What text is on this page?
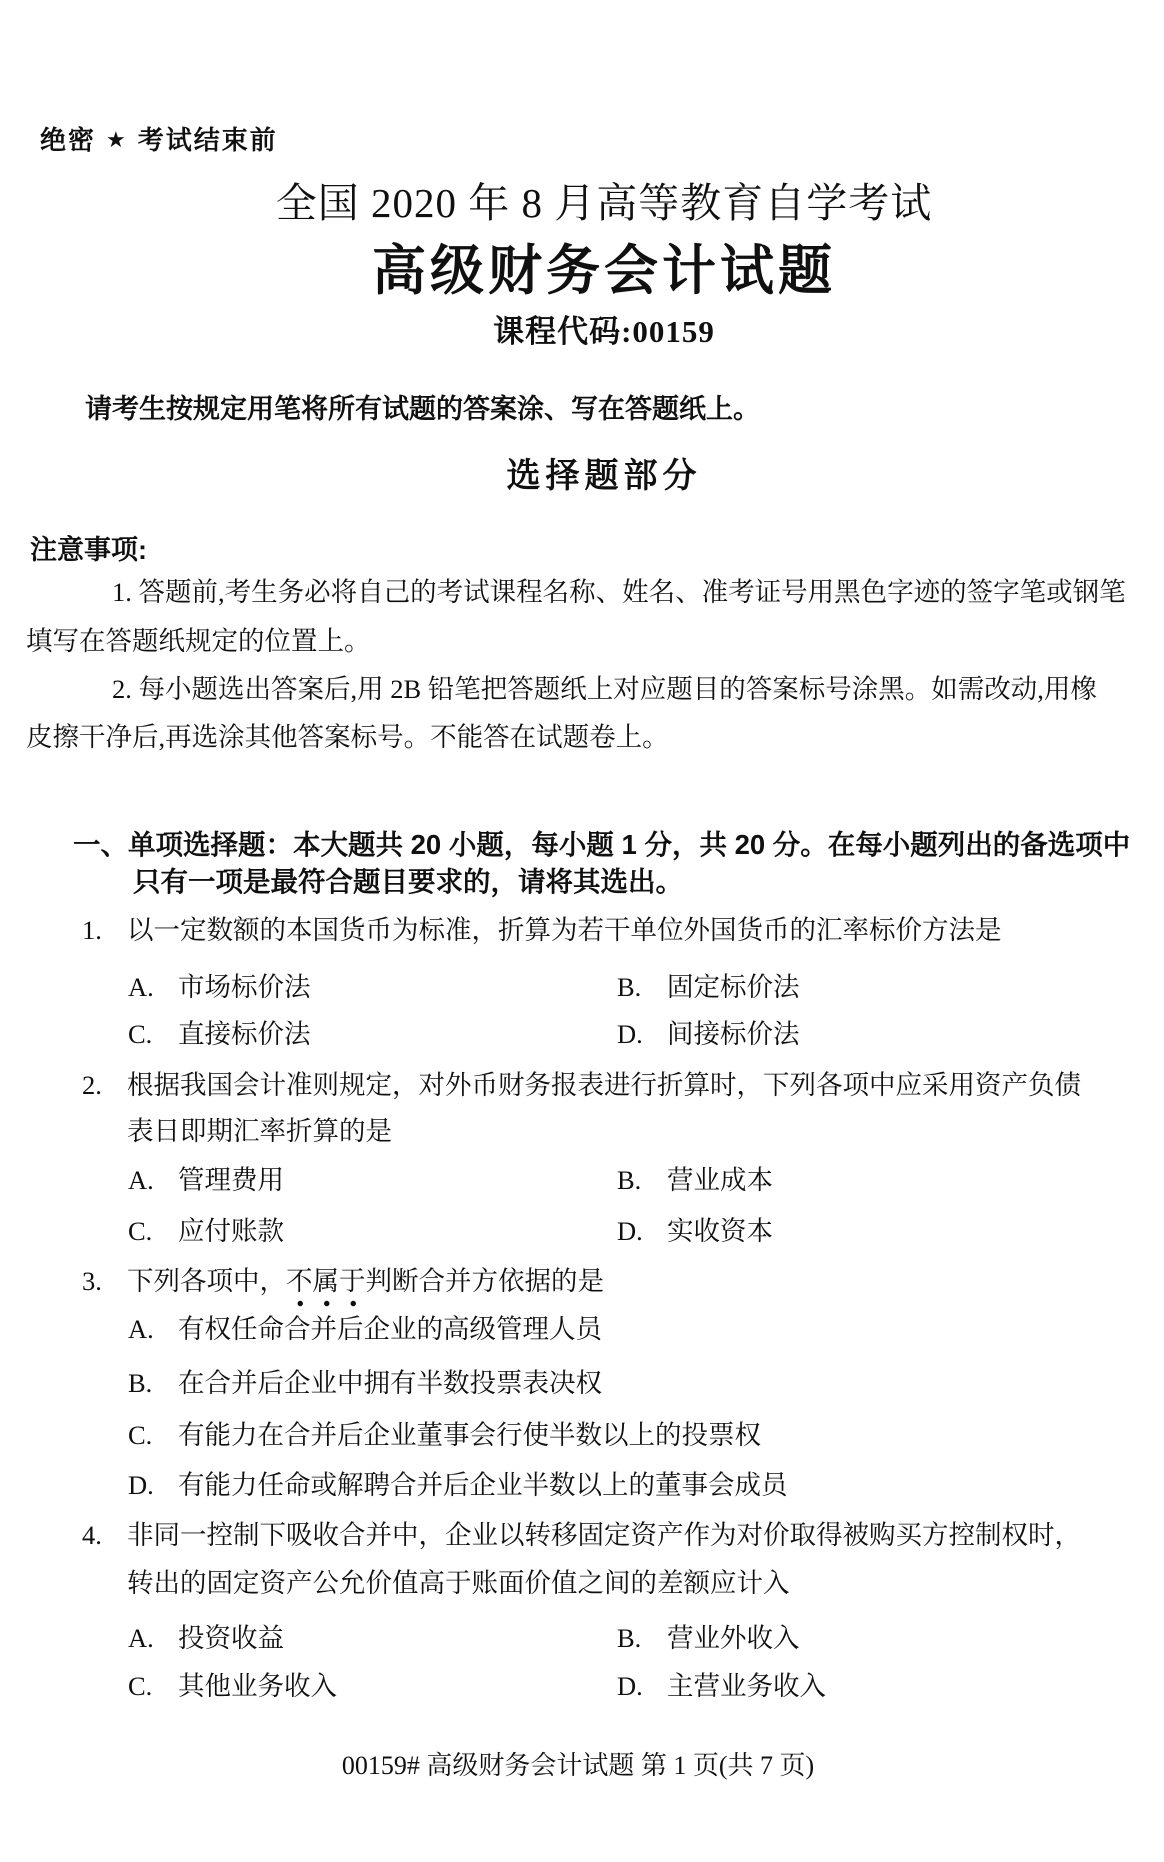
绝密 ★ 考试结束前
全国 2020 年 8 月高等教育自学考试
高级财务会计试题
课程代码:00159
请考生按规定用笔将所有试题的答案涂、写在答题纸上。
选择题部分
注意事项:
1. 答题前,考生务必将自己的考试课程名称、姓名、准考证号用黑色字迹的签字笔或钢笔
填写在答题纸规定的位置上。
2. 每小题选出答案后,用 2B 铅笔把答题纸上对应题目的答案标号涂黑。如需改动,用橡
皮擦干净后,再选涂其他答案标号。不能答在试题卷上。
一、单项选择题：本大题共 20 小题，每小题 1 分，共 20 分。在每小题列出的备选项中
只有一项是最符合题目要求的，请将其选出。
1. 以一定数额的本国货币为标准，折算为若干单位外国货币的汇率标价方法是
A. 市场标价法	B. 固定标价法
C. 直接标价法	D. 间接标价法
2. 根据我国会计准则规定，对外币财务报表进行折算时，下列各项中应采用资产负债
表日即期汇率折算的是
A. 管理费用	B. 营业成本
C. 应付账款	D. 实收资本
3. 下列各项中，不属于判断合并方依据的是
A. 有权任命合并后企业的高级管理人员
B. 在合并后企业中拥有半数投票表决权
C. 有能力在合并后企业董事会行使半数以上的投票权
D. 有能力任命或解聘合并后企业半数以上的董事会成员
4. 非同一控制下吸收合并中，企业以转移固定资产作为对价取得被购买方控制权时，
转出的固定资产公允价值高于账面价值之间的差额应计入
A. 投资收益	B. 营业外收入
C. 其他业务收入	D. 主营业务收入
00159# 高级财务会计试题 第 1 页(共 7 页)
